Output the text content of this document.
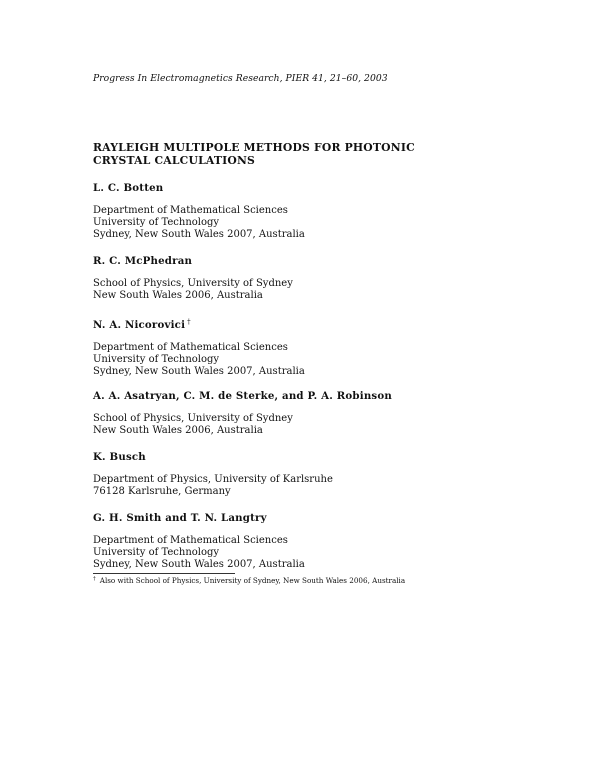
Progress In Electromagnetics Research, PIER 41, 21–60, 2003
RAYLEIGH MULTIPOLE METHODS FOR PHOTONIC
CRYSTAL CALCULATIONS
L. C. Botten
Department of Mathematical Sciences
University of Technology
Sydney, New South Wales 2007, Australia
R. C. McPhedran
School of Physics, University of Sydney
New South Wales 2006, Australia
N. A. Nicorovici †
Department of Mathematical Sciences
University of Technology
Sydney, New South Wales 2007, Australia
A. A. Asatryan, C. M. de Sterke, and P. A. Robinson
School of Physics, University of Sydney
New South Wales 2006, Australia
K. Busch
Department of Physics, University of Karlsruhe
76128 Karlsruhe, Germany
G. H. Smith and T. N. Langtry
Department of Mathematical Sciences
University of Technology
Sydney, New South Wales 2007, Australia
† Also with School of Physics, University of Sydney, New South Wales 2006, Australia
